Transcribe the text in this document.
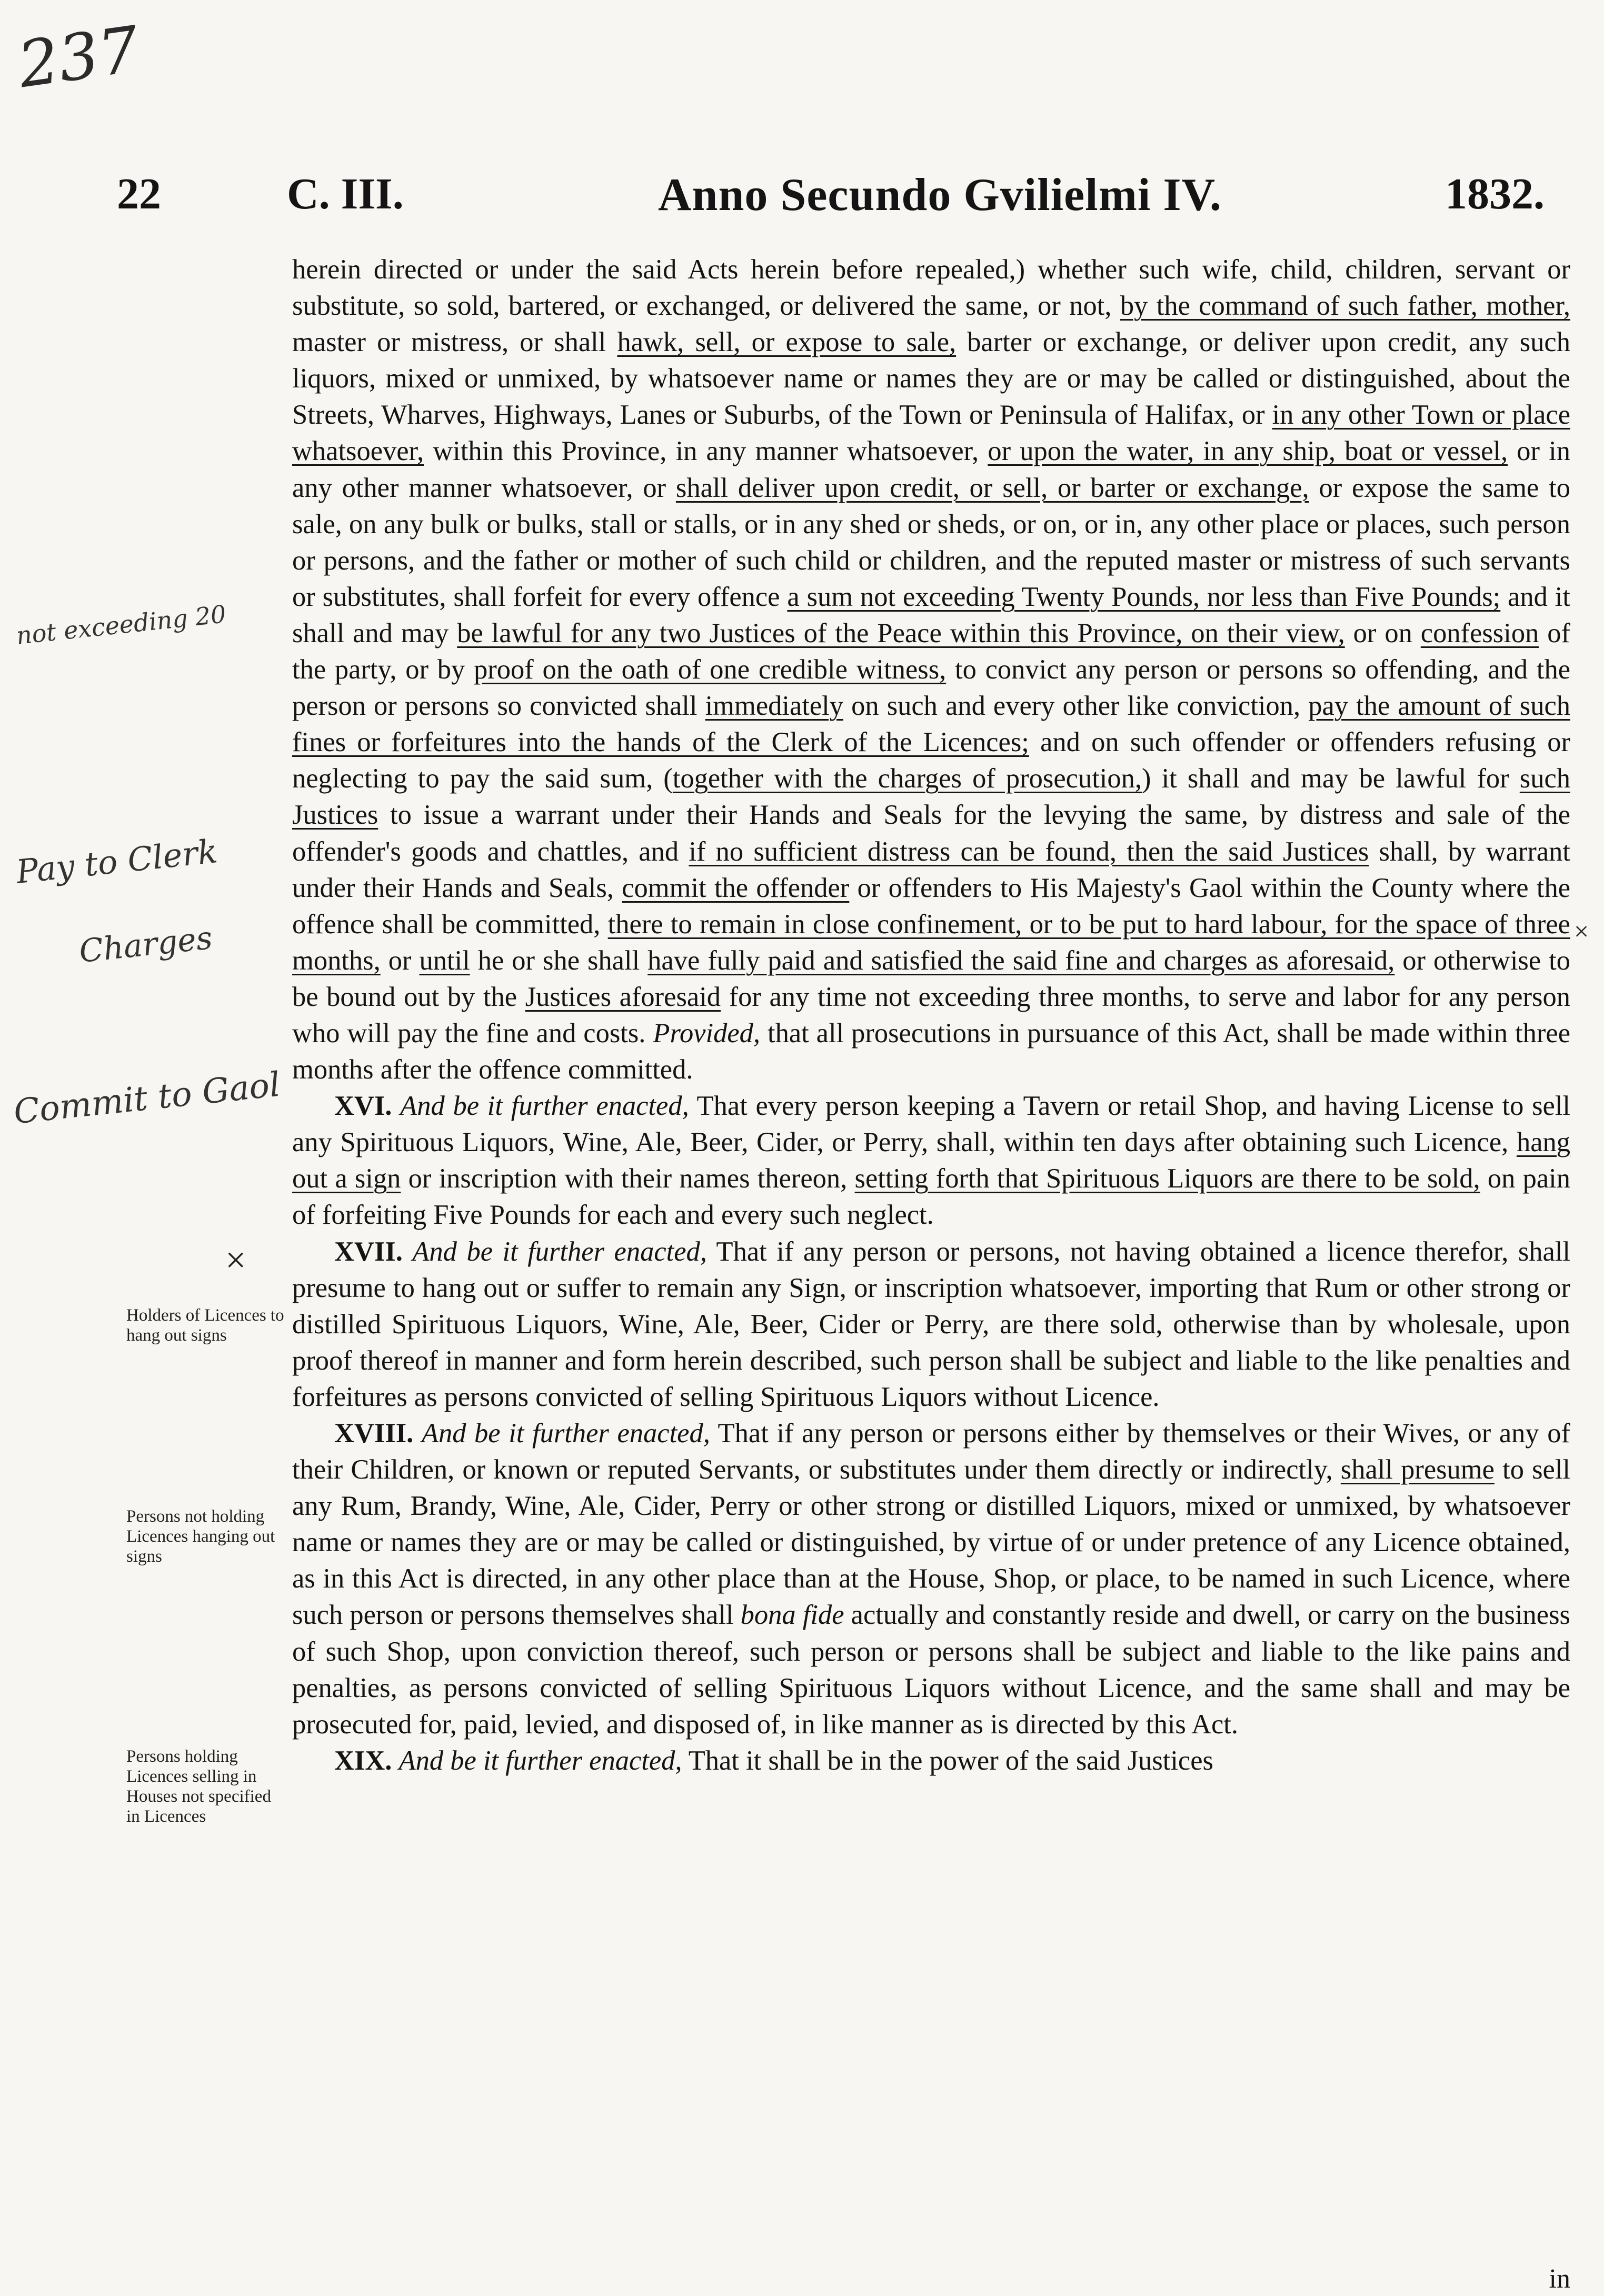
237
22	C. III.	Anno Secundo Gvilielmi IV.	1832.
Holders of Licences to hang out signs
Persons not holding Licences hanging out signs
Persons holding Licences selling in Houses not specified in Licences
not exceeding 20
Pay to Clerk
Charges
Commit to Gaol
×
×

herein directed or under the said Acts herein before repealed,) whether such wife, child, children, servant or substitute, so sold, bartered, or exchanged, or delivered the same, or not, by the command of such father, mother, master or mistress, or shall hawk, sell, or expose to sale, barter or exchange, or deliver upon credit, any such liquors, mixed or unmixed, by whatsoever name or names they are or may be called or distinguished, about the Streets, Wharves, Highways, Lanes or Suburbs, of the Town or Peninsula of Halifax, or in any other Town or place whatsoever, within this Province, in any manner whatsoever, or upon the water, in any ship, boat or vessel, or in any other manner whatsoever, or shall deliver upon credit, or sell, or barter or exchange, or expose the same to sale, on any bulk or bulks, stall or stalls, or in any shed or sheds, or on, or in, any other place or places, such person or persons, and the father or mother of such child or children, and the reputed master or mistress of such servants or substitutes, shall forfeit for every offence a sum not exceeding Twenty Pounds, nor less than Five Pounds; and it shall and may be lawful for any two Justices of the Peace within this Province, on their view, or on confession of the party, or by proof on the oath of one credible witness, to convict any person or persons so offending, and the person or persons so convicted shall immediately on such and every other like conviction, pay the amount of such fines or forfeitures into the hands of the Clerk of the Licences; and on such offender or offenders refusing or neglecting to pay the said sum, (together with the charges of prosecution,) it shall and may be lawful for such Justices to issue a warrant under their Hands and Seals for the levying the same, by distress and sale of the offender's goods and chattles, and if no sufficient distress can be found, then the said Justices shall, by warrant under their Hands and Seals, commit the offender or offenders to His Majesty's Gaol within the County where the offence shall be committed, there to remain in close confinement, or to be put to hard labour, for the space of three months, or until he or she shall have fully paid and satisfied the said fine and charges as aforesaid, or otherwise to be bound out by the Justices aforesaid for any time not exceeding three months, to serve and labor for any person who will pay the fine and costs. Provided, that all prosecutions in pursuance of this Act, shall be made within three months after the offence committed.

XVI. And be it further enacted, That every person keeping a Tavern or retail Shop, and having License to sell any Spirituous Liquors, Wine, Ale, Beer, Cider, or Perry, shall, within ten days after obtaining such Licence, hang out a sign or inscription with their names thereon, setting forth that Spirituous Liquors are there to be sold, on pain of forfeiting Five Pounds for each and every such neglect.

XVII. And be it further enacted, That if any person or persons, not having obtained a licence therefor, shall presume to hang out or suffer to remain any Sign, or inscription whatsoever, importing that Rum or other strong or distilled Spirituous Liquors, Wine, Ale, Beer, Cider or Perry, are there sold, otherwise than by wholesale, upon proof thereof in manner and form herein described, such person shall be subject and liable to the like penalties and forfeitures as persons convicted of selling Spirituous Liquors without Licence.

XVIII. And be it further enacted, That if any person or persons either by themselves or their Wives, or any of their Children, or known or reputed Servants, or substitutes under them directly or indirectly, shall presume to sell any Rum, Brandy, Wine, Ale, Cider, Perry or other strong or distilled Liquors, mixed or unmixed, by whatsoever name or names they are or may be called or distinguished, by virtue of or under pretence of any Licence obtained, as in this Act is directed, in any other place than at the House, Shop, or place, to be named in such Licence, where such person or persons themselves shall bona fide actually and constantly reside and dwell, or carry on the business of such Shop, upon conviction thereof, such person or persons shall be subject and liable to the like pains and penalties, as persons convicted of selling Spirituous Liquors without Licence, and the same shall and may be prosecuted for, paid, levied, and disposed of, in like manner as is directed by this Act.

XIX. And be it further enacted, That it shall be in the power of the said Justices

in
